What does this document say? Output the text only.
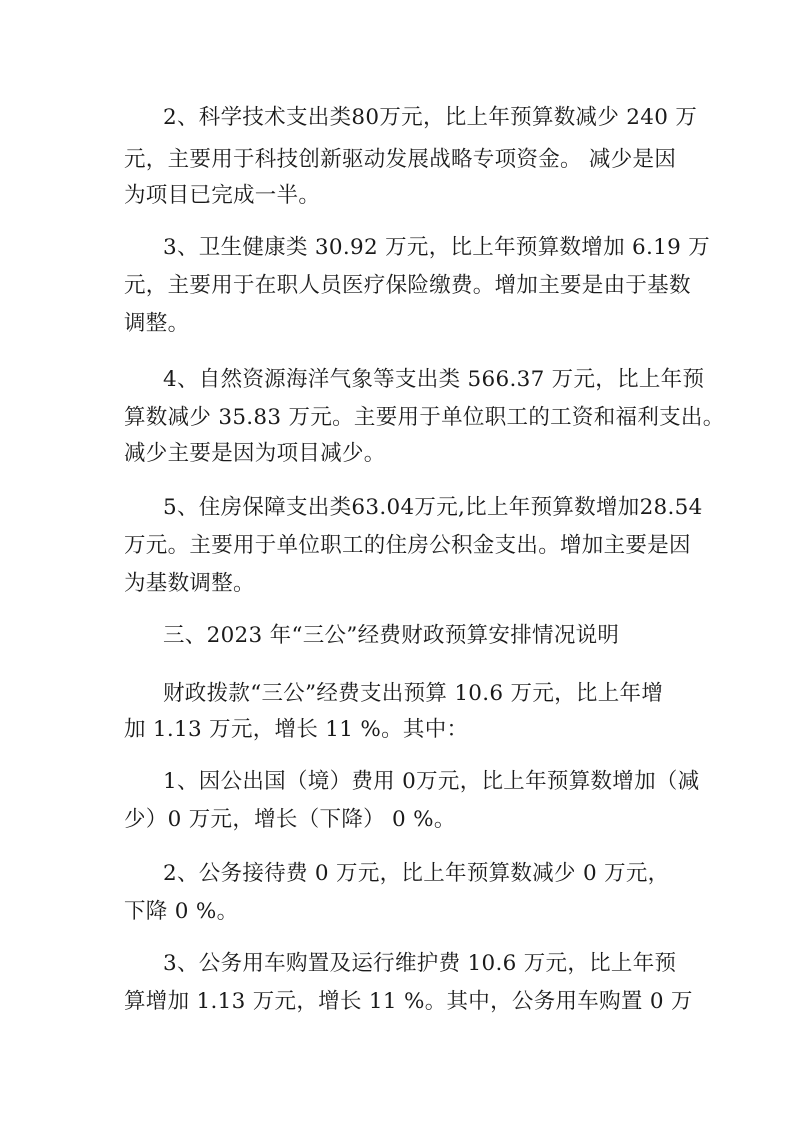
2、科学技术支出类80万元，比上年预算数减少 240 万
元，主要用于科技创新驱动发展战略专项资金。 减少是因
为项目已完成一半。
3、卫生健康类 30.92 万元，比上年预算数增加 6.19 万
元，主要用于在职人员医疗保险缴费。增加主要是由于基数
调整。
4、自然资源海洋气象等支出类 566.37 万元，比上年预
算数减少 35.83 万元。主要用于单位职工的工资和福利支出。
减少主要是因为项目减少。
5、住房保障支出类63.04万元,比上年预算数增加28.54
万元。主要用于单位职工的住房公积金支出。增加主要是因
为基数调整。
三、2023 年“三公”经费财政预算安排情况说明
财政拨款“三公”经费支出预算 10.6 万元，比上年增
加 1.13 万元，增长 11 %。其中：
1、因公出国（境）费用 0万元，比上年预算数增加（减
少）0 万元，增长（下降） 0 %。
2、公务接待费 0 万元，比上年预算数减少 0 万元，
下降 0 %。
3、公务用车购置及运行维护费 10.6 万元，比上年预
算增加 1.13 万元，增长 11 %。其中，公务用车购置 0 万
